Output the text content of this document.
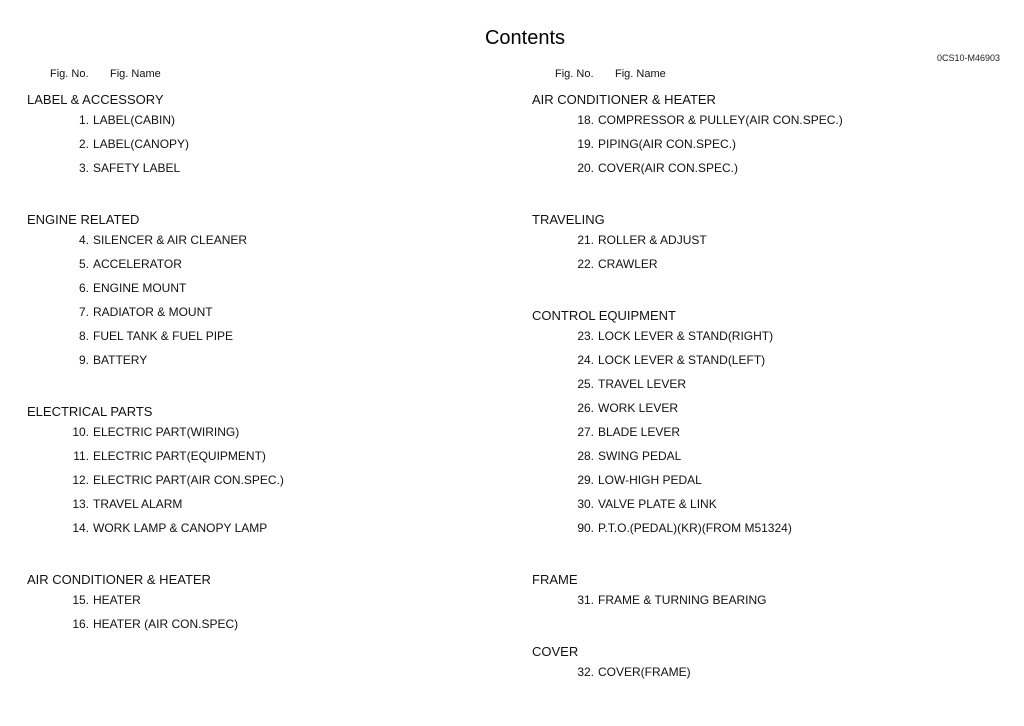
Contents
0CS10-M46903
Fig. No. Fig. Name
LABEL & ACCESSORY
1. LABEL(CABIN)
2. LABEL(CANOPY)
3. SAFETY LABEL
ENGINE RELATED
4. SILENCER & AIR CLEANER
5. ACCELERATOR
6. ENGINE MOUNT
7. RADIATOR & MOUNT
8. FUEL TANK & FUEL PIPE
9. BATTERY
ELECTRICAL PARTS
10. ELECTRIC PART(WIRING)
11. ELECTRIC PART(EQUIPMENT)
12. ELECTRIC PART(AIR CON.SPEC.)
13. TRAVEL ALARM
14. WORK LAMP & CANOPY LAMP
AIR CONDITIONER & HEATER
15. HEATER
16. HEATER (AIR CON.SPEC)
Fig. No. Fig. Name
AIR CONDITIONER & HEATER
18. COMPRESSOR & PULLEY(AIR CON.SPEC.)
19. PIPING(AIR CON.SPEC.)
20. COVER(AIR CON.SPEC.)
TRAVELING
21. ROLLER & ADJUST
22. CRAWLER
CONTROL EQUIPMENT
23. LOCK LEVER & STAND(RIGHT)
24. LOCK LEVER & STAND(LEFT)
25. TRAVEL LEVER
26. WORK LEVER
27. BLADE LEVER
28. SWING PEDAL
29. LOW-HIGH PEDAL
30. VALVE PLATE & LINK
90. P.T.O.(PEDAL)(KR)(FROM M51324)
FRAME
31. FRAME & TURNING BEARING
COVER
32. COVER(FRAME)
